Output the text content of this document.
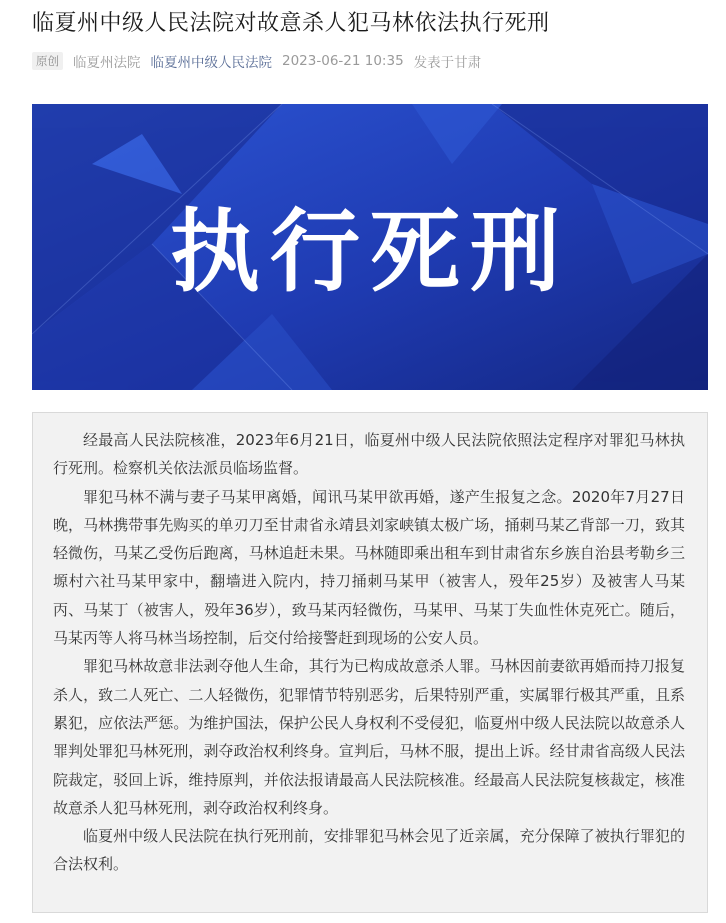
临夏州中级人民法院对故意杀人犯马林依法执行死刑
原创 临夏州法院 临夏州中级人民法院 2023-06-21 10:35 发表于甘肃
执行死刑

经最高人民法院核准，2023年6月21日，临夏州中级人民法院依照法定程序对罪犯马林执行死刑。检察机关依法派员临场监督。

罪犯马林不满与妻子马某甲离婚，闻讯马某甲欲再婚，遂产生报复之念。2020年7月27日晚，马林携带事先购买的单刃刀至甘肃省永靖县刘家峡镇太极广场，捅刺马某乙背部一刀，致其轻微伤，马某乙受伤后跑离，马林追赶未果。马林随即乘出租车到甘肃省东乡族自治县考勒乡三塬村六社马某甲家中，翻墙进入院内，持刀捅刺马某甲（被害人，殁年25岁）及被害人马某丙、马某丁（被害人，殁年36岁），致马某丙轻微伤，马某甲、马某丁失血性休克死亡。随后，马某丙等人将马林当场控制，后交付给接警赶到现场的公安人员。

罪犯马林故意非法剥夺他人生命，其行为已构成故意杀人罪。马林因前妻欲再婚而持刀报复杀人，致二人死亡、二人轻微伤，犯罪情节特别恶劣，后果特别严重，实属罪行极其严重，且系累犯，应依法严惩。为维护国法，保护公民人身权利不受侵犯，临夏州中级人民法院以故意杀人罪判处罪犯马林死刑，剥夺政治权利终身。宣判后，马林不服，提出上诉。经甘肃省高级人民法院裁定，驳回上诉，维持原判，并依法报请最高人民法院核准。经最高人民法院复核裁定，核准故意杀人犯马林死刑，剥夺政治权利终身。

临夏州中级人民法院在执行死刑前，安排罪犯马林会见了近亲属，充分保障了被执行罪犯的合法权利。
